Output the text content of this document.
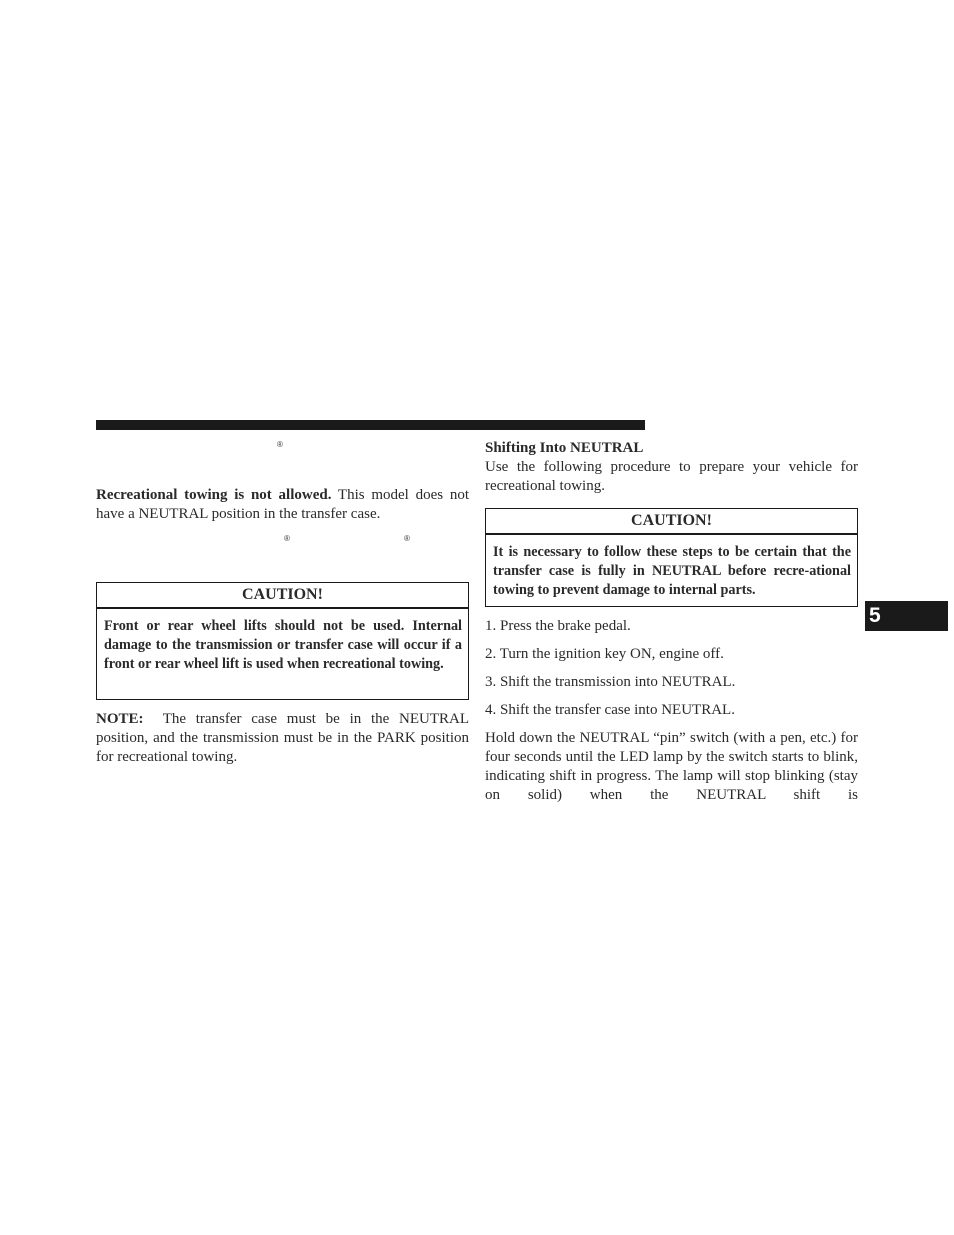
®
®	®

Recreational towing is not allowed. This model does not have a NEUTRAL position in the transfer case.

CAUTION!
Front or rear wheel lifts should not be used. Internal damage to the transmission or transfer case will occur if a front or rear wheel lift is used when recreational towing.

NOTE:  The transfer case must be in the NEUTRAL position, and the transmission must be in the PARK position for recreational towing.

Shifting Into NEUTRAL

Use the following procedure to prepare your vehicle for recreational towing.

CAUTION!
It is necessary to follow these steps to be certain that the transfer case is fully in NEUTRAL before recre-ational towing to prevent damage to internal parts.
1. Press the brake pedal.
2. Turn the ignition key ON, engine off.
3. Shift the transmission into NEUTRAL.
4. Shift the transfer case into NEUTRAL.

Hold down the NEUTRAL “pin” switch (with a pen, etc.) for four seconds until the LED lamp by the switch starts to blink, indicating shift in progress. The lamp will stop blinking (stay on solid) when the NEUTRAL shift is

5
